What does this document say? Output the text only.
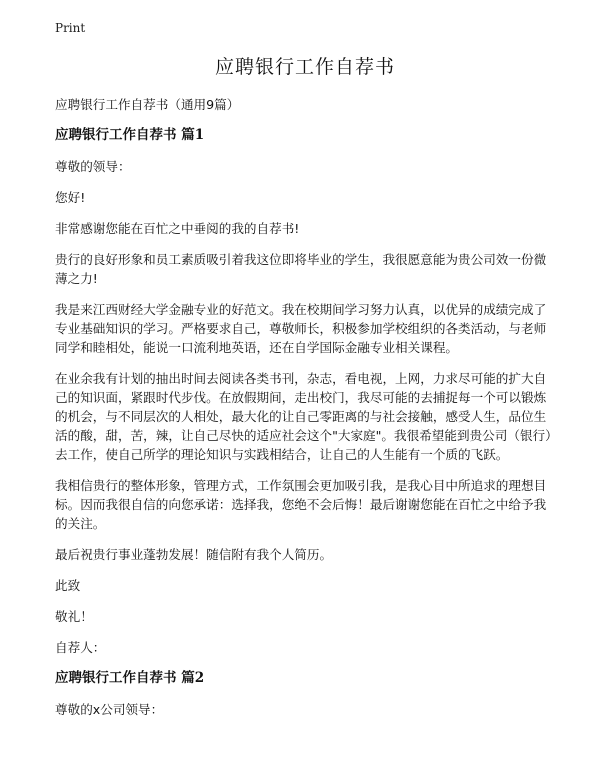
Print
应聘银行工作自荐书

应聘银行工作自荐书（通用9篇）

应聘银行工作自荐书 篇1

尊敬的领导：

您好!

非常感谢您能在百忙之中垂阅的我的自荐书!

贵行的良好形象和员工素质吸引着我这位即将毕业的学生，我很愿意能为贵公司效一份微薄之力!

我是来江西财经大学金融专业的好范文。我在校期间学习努力认真，以优异的成绩完成了专业基础知识的学习。严格要求自己，尊敬师长，积极参加学校组织的各类活动，与老师同学和睦相处，能说一口流利地英语，还在自学国际金融专业相关课程。

在业余我有计划的抽出时间去阅读各类书刊，杂志，看电视，上网，力求尽可能的扩大自己的知识面，紧跟时代步伐。在放假期间，走出校门，我尽可能的去捕捉每一个可以锻炼的机会，与不同层次的人相处，最大化的让自己零距离的与社会接触，感受人生，品位生活的酸，甜，苦，辣，让自己尽快的适应社会这个"大家庭"。我很希望能到贵公司（银行）去工作，使自己所学的理论知识与实践相结合，让自己的人生能有一个质的飞跃。

我相信贵行的整体形象，管理方式，工作氛围会更加吸引我，是我心目中所追求的理想目标。因而我很自信的向您承诺：选择我，您绝不会后悔！最后谢谢您能在百忙之中给予我的关注。

最后祝贵行事业蓬勃发展！随信附有我个人简历。

此致

敬礼！

自荐人：

应聘银行工作自荐书 篇2

尊敬的x公司领导：
